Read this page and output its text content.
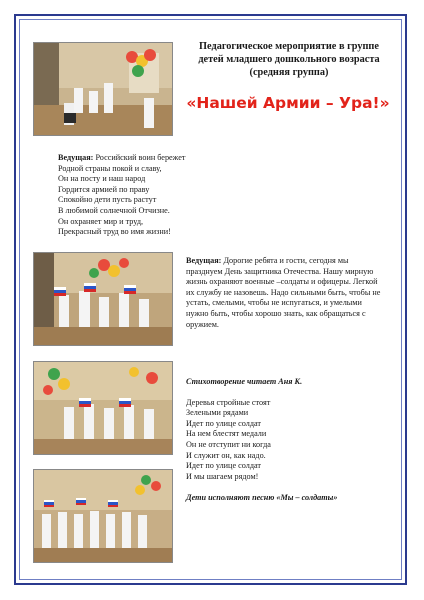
Педагогическое мероприятие в группе
детей младшего дошкольного возраста
(средняя группа)
«Нашей Армии – Ура!»
Ведущая: Российский воин бережет
Родной страны покой и славу,
Он на посту и наш народ
Гордится армией по праву
Спокойно дети пусть растут
В любимой солнечной Отчизне.
Он охраняет мир и труд,
Прекрасный труд во имя жизни!
Ведущая: Дорогие ребята и гости, сегодня мы
празднуем День защитника Отечества. Нашу мирную
жизнь охраняют военные –солдаты и офицеры. Легкой
их службу не назовешь. Надо сильными быть, чтобы не
устать, смелыми, чтобы не испугаться, и умелыми
нужно быть, чтобы хорошо знать, как обращаться с
оружием.
Стихотворение читает Аня К.
Деревья стройные стоят
Зелеными рядами
Идет по улице солдат
На нем блестят медали
Он не отступит ни когда
И служит он, как надо.
Идет по улице солдат
И мы шагаем рядом!
Дети исполняют песню «Мы – солдаты»
